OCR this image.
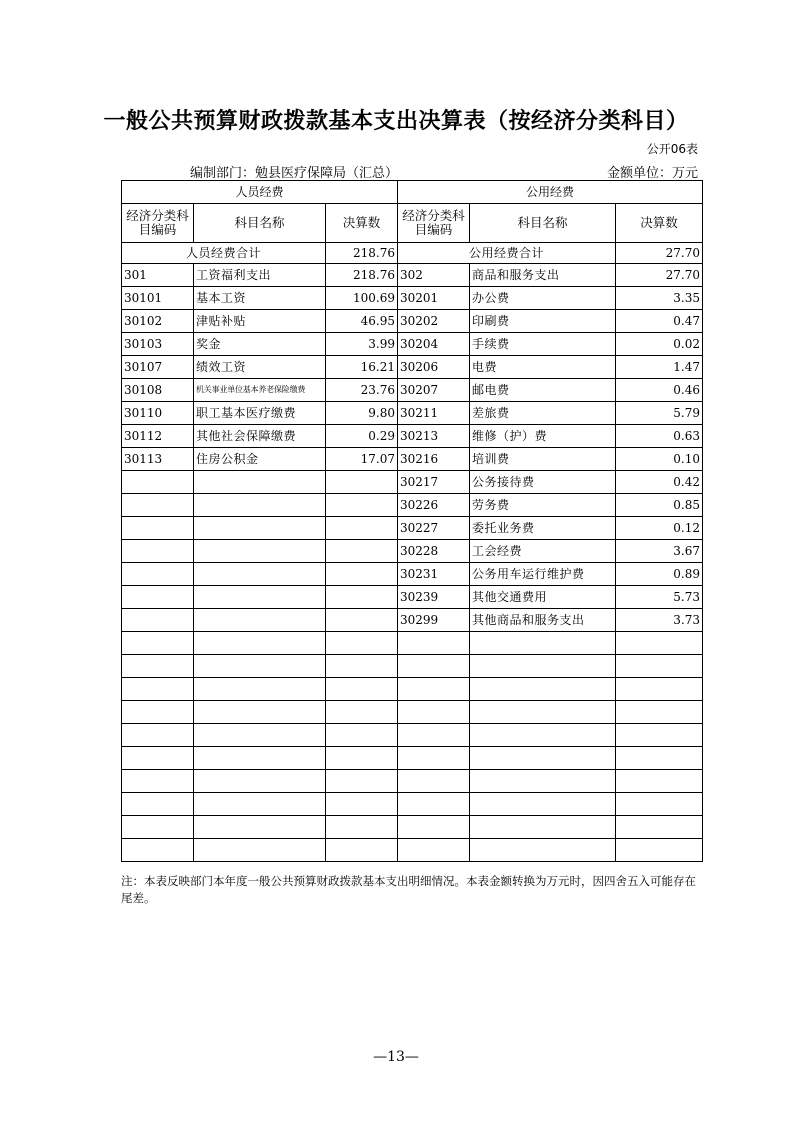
一般公共预算财政拨款基本支出决算表（按经济分类科目）
公开06表
编制部门：勉县医疗保障局（汇总）	金额单位：万元
人员经费			公用经费		
经济分类科目编码	科目名称	决算数	经济分类科目编码	科目名称	决算数
人员经费合计		218.76	公用经费合计		27.70
301	工资福利支出	218.76	302	商品和服务支出	27.70
30101	基本工资	100.69	30201	办公费	3.35
30102	津贴补贴	46.95	30202	印刷费	0.47
30103	奖金	3.99	30204	手续费	0.02
30107	绩效工资	16.21	30206	电费	1.47
30108	机关事业单位基本养老保险缴费	23.76	30207	邮电费	0.46
30110	职工基本医疗缴费	9.80	30211	差旅费	5.79
30112	其他社会保障缴费	0.29	30213	维修（护）费	0.63
30113	住房公积金	17.07	30216	培训费	0.10
			30217	公务接待费	0.42
			30226	劳务费	0.85
			30227	委托业务费	0.12
			30228	工会经费	3.67
			30231	公务用车运行维护费	0.89
			30239	其他交通费用	5.73
			30299	其他商品和服务支出	3.73

注：本表反映部门本年度一般公共预算财政拨款基本支出明细情况。本表金额转换为万元时，因四舍五入可能存在尾差。
—13—
